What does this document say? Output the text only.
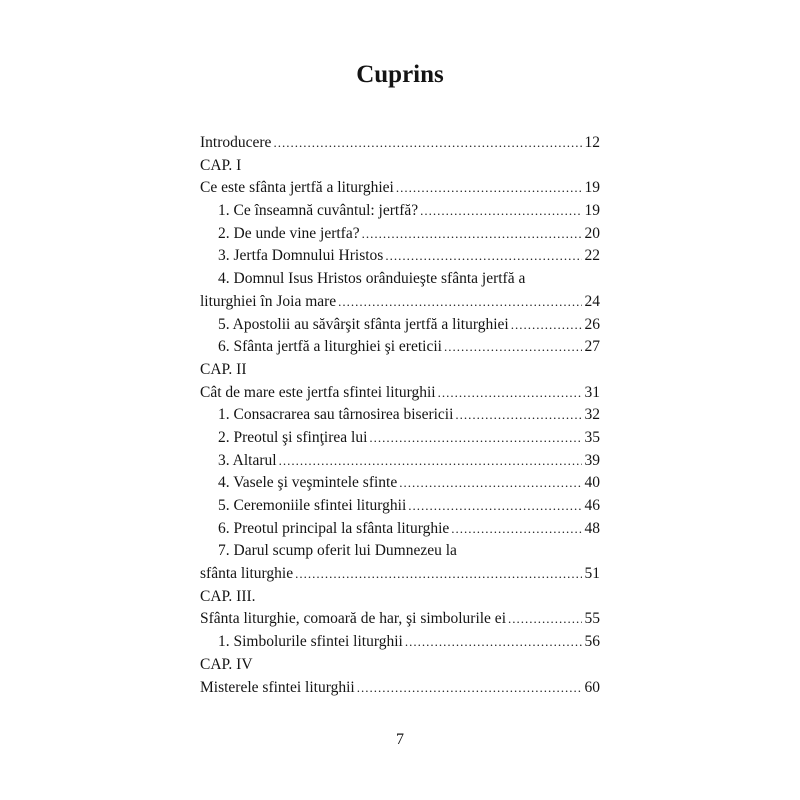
Cuprins
Introducere .....	12
CAP. I
Ce este sfânta jertfă a liturghiei .....	19
1. Ce înseamnă cuvântul: jertfă? .....	19
2. De unde vine jertfa? .....	20
3. Jertfa Domnului Hristos .....	22
4. Domnul Isus Hristos orânduieşte sfânta jertfă a
liturghiei în Joia mare .....	24
5. Apostolii au săvârşit sfânta jertfă a liturghiei .....	26
6. Sfânta jertfă a liturghiei şi ereticii .....	27
CAP. II
Cât de mare este jertfa sfintei liturghii .....	31
1. Consacrarea sau târnosirea bisericii .....	32
2. Preotul şi sfinţirea lui .....	35
3. Altarul .....	39
4. Vasele şi veşmintele sfinte .....	40
5. Ceremoniile sfintei liturghii .....	46
6. Preotul principal la sfânta liturghie .....	48
7. Darul scump oferit lui Dumnezeu la
sfânta liturghie .....	51
CAP. III.
Sfânta liturghie, comoară de har, şi simbolurile ei .....	55
1. Simbolurile sfintei liturghii .....	56
CAP. IV
Misterele sfintei liturghii .....	60
7
